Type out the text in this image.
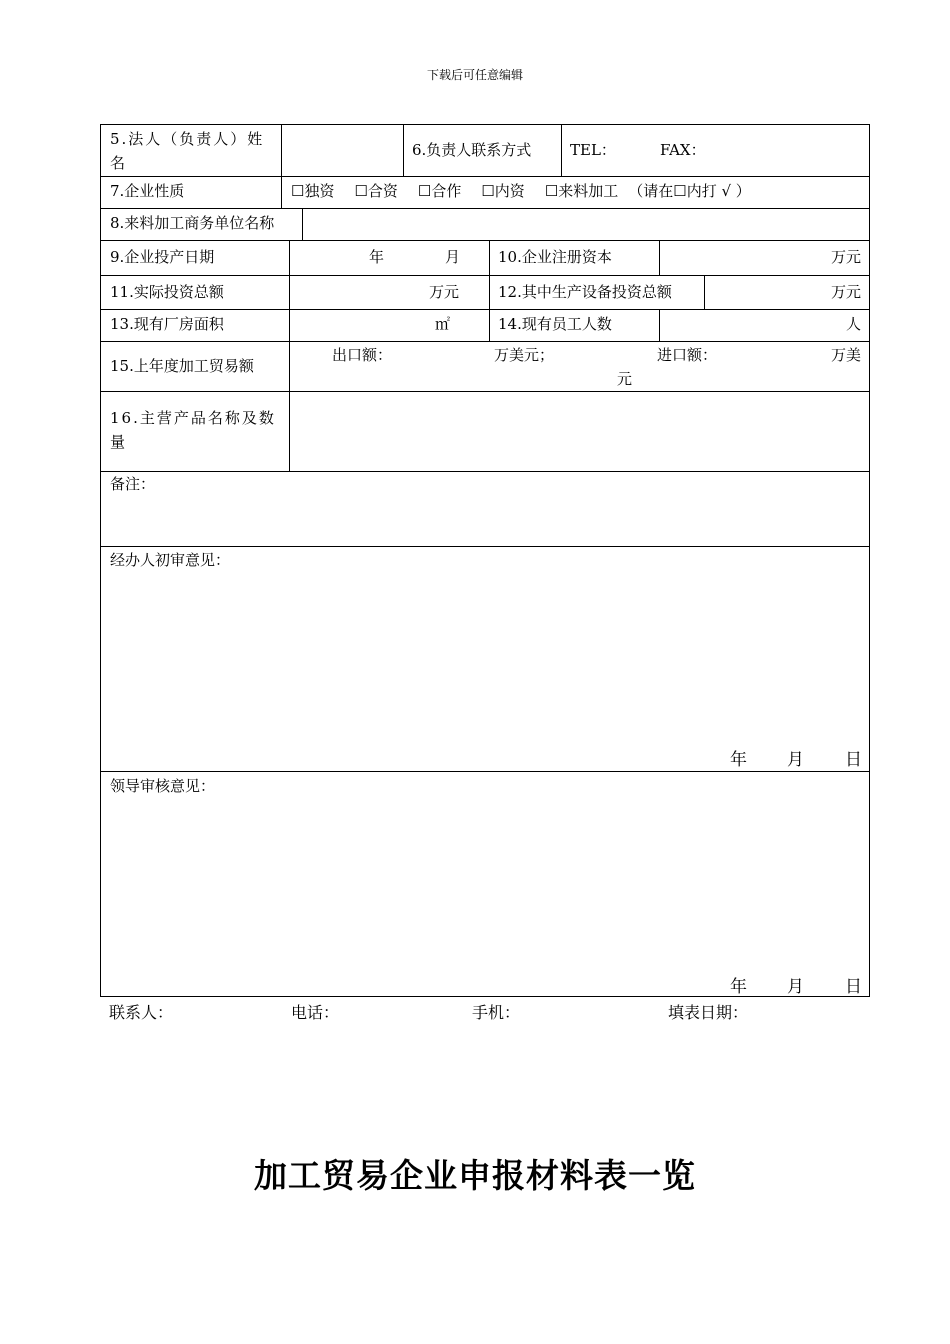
下载后可任意编辑
5.法人（负责人）姓名
6.负责人联系方式	TEL：	FAX：
7.企业性质	☐独资 ☐合资 ☐合作 ☐内资 ☐来料加工 （请在☐内打 √ ）
8.来料加工商务单位名称
9.企业投产日期	年	月	10.企业注册资本	万元
11.实际投资总额	万元	12.其中生产设备投资总额	万元
13.现有厂房面积	㎡	14.现有员工人数	人
15.上年度加工贸易额
出口额：	万美元；	进口额：	万美
元
16.主营产品名称及数量
备注：
经办人初审意见：
年 月 日
领导审核意见：
年 月 日
联系人：	电话：	手机：	填表日期：
加工贸易企业申报材料表一览
